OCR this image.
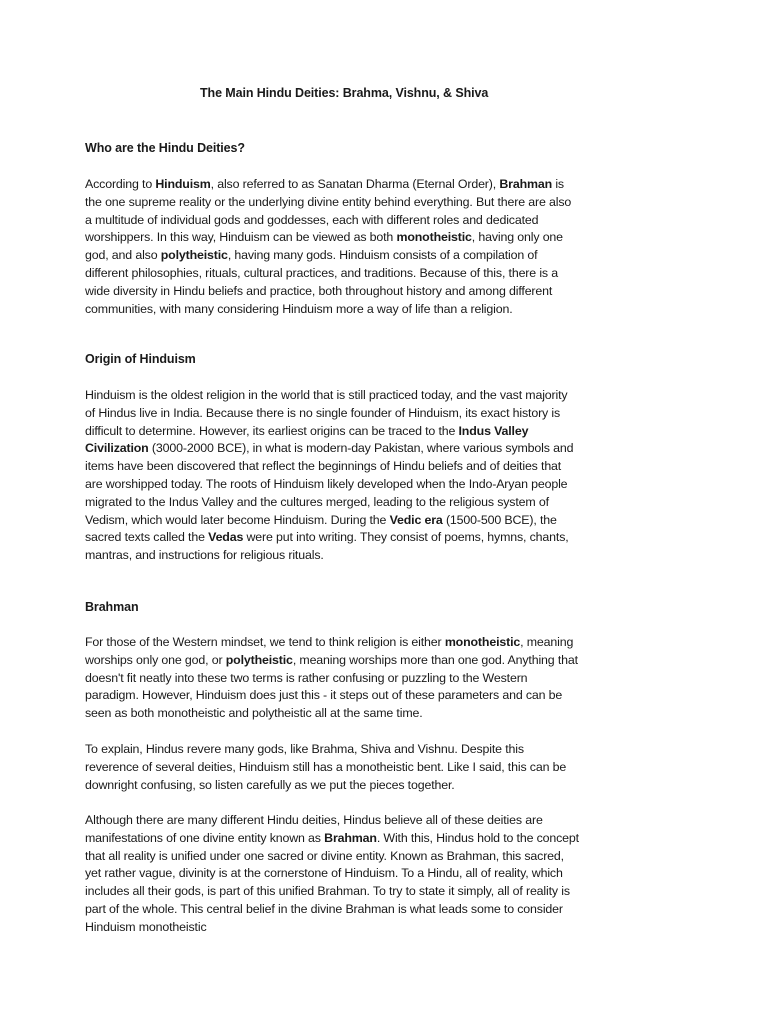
The Main Hindu Deities: Brahma, Vishnu, & Shiva
Who are the Hindu Deities?
According to Hinduism, also referred to as Sanatan Dharma (Eternal Order), Brahman is
the one supreme reality or the underlying divine entity behind everything. But there are also
a multitude of individual gods and goddesses, each with different roles and dedicated
worshippers. In this way, Hinduism can be viewed as both monotheistic, having only one
god, and also polytheistic, having many gods. Hinduism consists of a compilation of
different philosophies, rituals, cultural practices, and traditions. Because of this, there is a
wide diversity in Hindu beliefs and practice, both throughout history and among different
communities, with many considering Hinduism more a way of life than a religion.
Origin of Hinduism
Hinduism is the oldest religion in the world that is still practiced today, and the vast majority
of Hindus live in India. Because there is no single founder of Hinduism, its exact history is
difficult to determine. However, its earliest origins can be traced to the Indus Valley
Civilization (3000-2000 BCE), in what is modern-day Pakistan, where various symbols and
items have been discovered that reflect the beginnings of Hindu beliefs and of deities that
are worshipped today. The roots of Hinduism likely developed when the Indo-Aryan people
migrated to the Indus Valley and the cultures merged, leading to the religious system of
Vedism, which would later become Hinduism. During the Vedic era (1500-500 BCE), the
sacred texts called the Vedas were put into writing. They consist of poems, hymns, chants,
mantras, and instructions for religious rituals.
Brahman
For those of the Western mindset, we tend to think religion is either monotheistic, meaning
worships only one god, or polytheistic, meaning worships more than one god. Anything that
doesn't fit neatly into these two terms is rather confusing or puzzling to the Western
paradigm. However, Hinduism does just this - it steps out of these parameters and can be
seen as both monotheistic and polytheistic all at the same time.
To explain, Hindus revere many gods, like Brahma, Shiva and Vishnu. Despite this
reverence of several deities, Hinduism still has a monotheistic bent. Like I said, this can be
downright confusing, so listen carefully as we put the pieces together.
Although there are many different Hindu deities, Hindus believe all of these deities are
manifestations of one divine entity known as Brahman. With this, Hindus hold to the concept
that all reality is unified under one sacred or divine entity. Known as Brahman, this sacred,
yet rather vague, divinity is at the cornerstone of Hinduism. To a Hindu, all of reality, which
includes all their gods, is part of this unified Brahman. To try to state it simply, all of reality is
part of the whole. This central belief in the divine Brahman is what leads some to consider
Hinduism monotheistic
